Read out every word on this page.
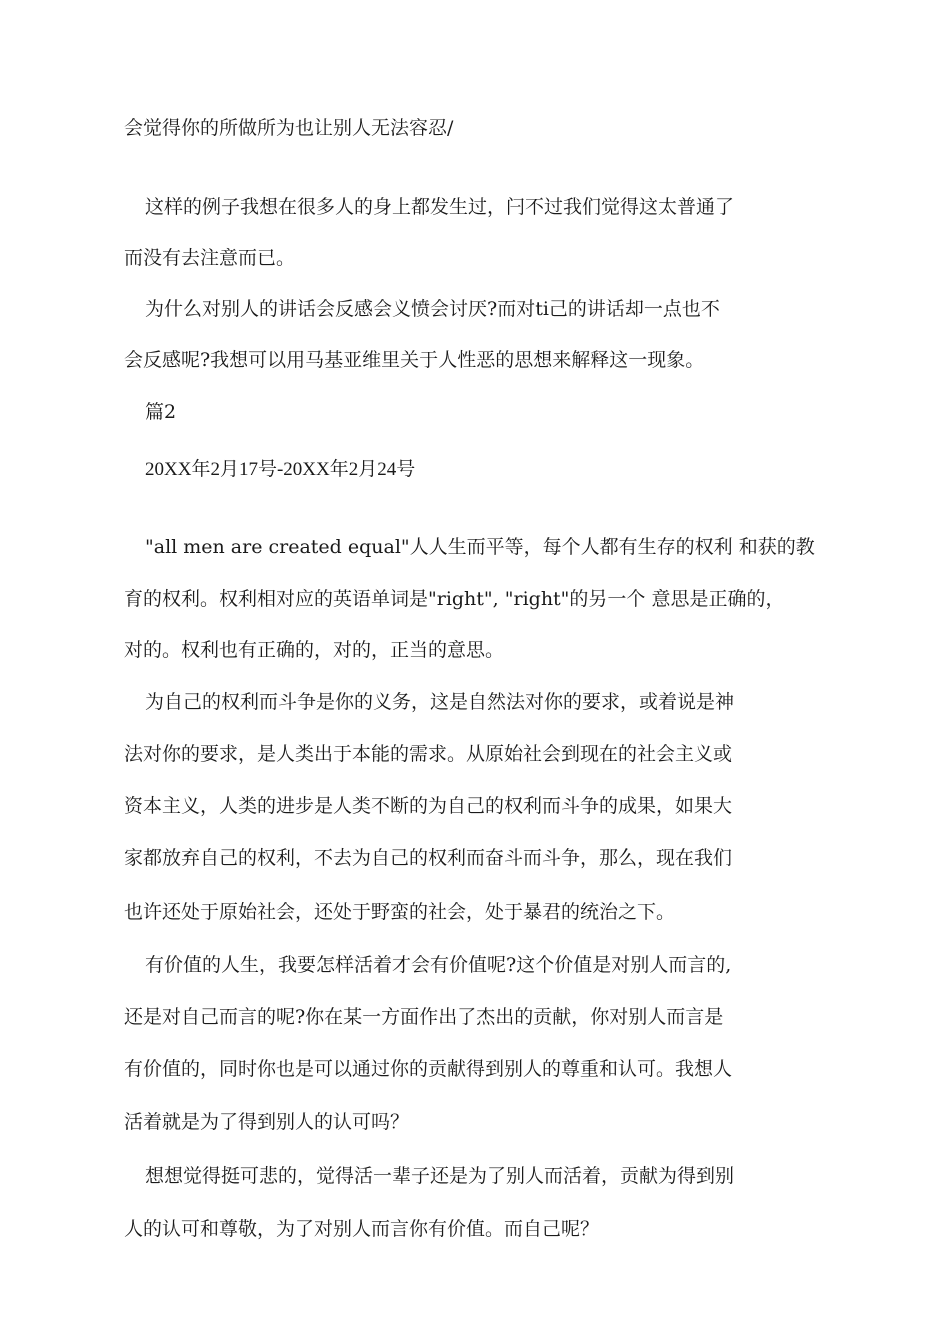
会觉得你的所做所为也让别人无法容忍/

这样的例子我想在很多人的身上都发生过，闩不过我们觉得这太普通了

而没有去注意而已。

为什么对别人的讲话会反感会义愤会讨厌?而对ti己的讲话却一点也不

会反感呢?我想可以用马基亚维里关于人性恶的思想来解释这一现象。

篇2

20XX年2月17号-20XX年2月24号

"all men are created equal"人人生而平等，每个人都有生存的权利 和获的教

育的权利。权利相对应的英语单词是"right", "right"的另一个 意思是正确的，

对的。权利也有正确的，对的，正当的意思。

为自己的权利而斗争是你的义务，这是自然法对你的要求，或着说是神

法对你的要求，是人类出于本能的需求。从原始社会到现在的社会主义或

资本主义，人类的进步是人类不断的为自己的权利而斗争的成果，如果大

家都放弃自己的权利，不去为自己的权利而奋斗而斗争，那么，现在我们

也许还处于原始社会，还处于野蛮的社会，处于暴君的统治之下。

有价值的人生，我要怎样活着才会有价值呢?这个价值是对别人而言的,

还是对自己而言的呢?你在某一方面作出了杰出的贡献，你对别人而言是

有价值的，同时你也是可以通过你的贡献得到别人的尊重和认可。我想人

活着就是为了得到别人的认可吗？

想想觉得挺可悲的，觉得活一辈子还是为了别人而活着，贡献为得到别

人的认可和尊敬，为了对别人而言你有价值。而自己呢？
